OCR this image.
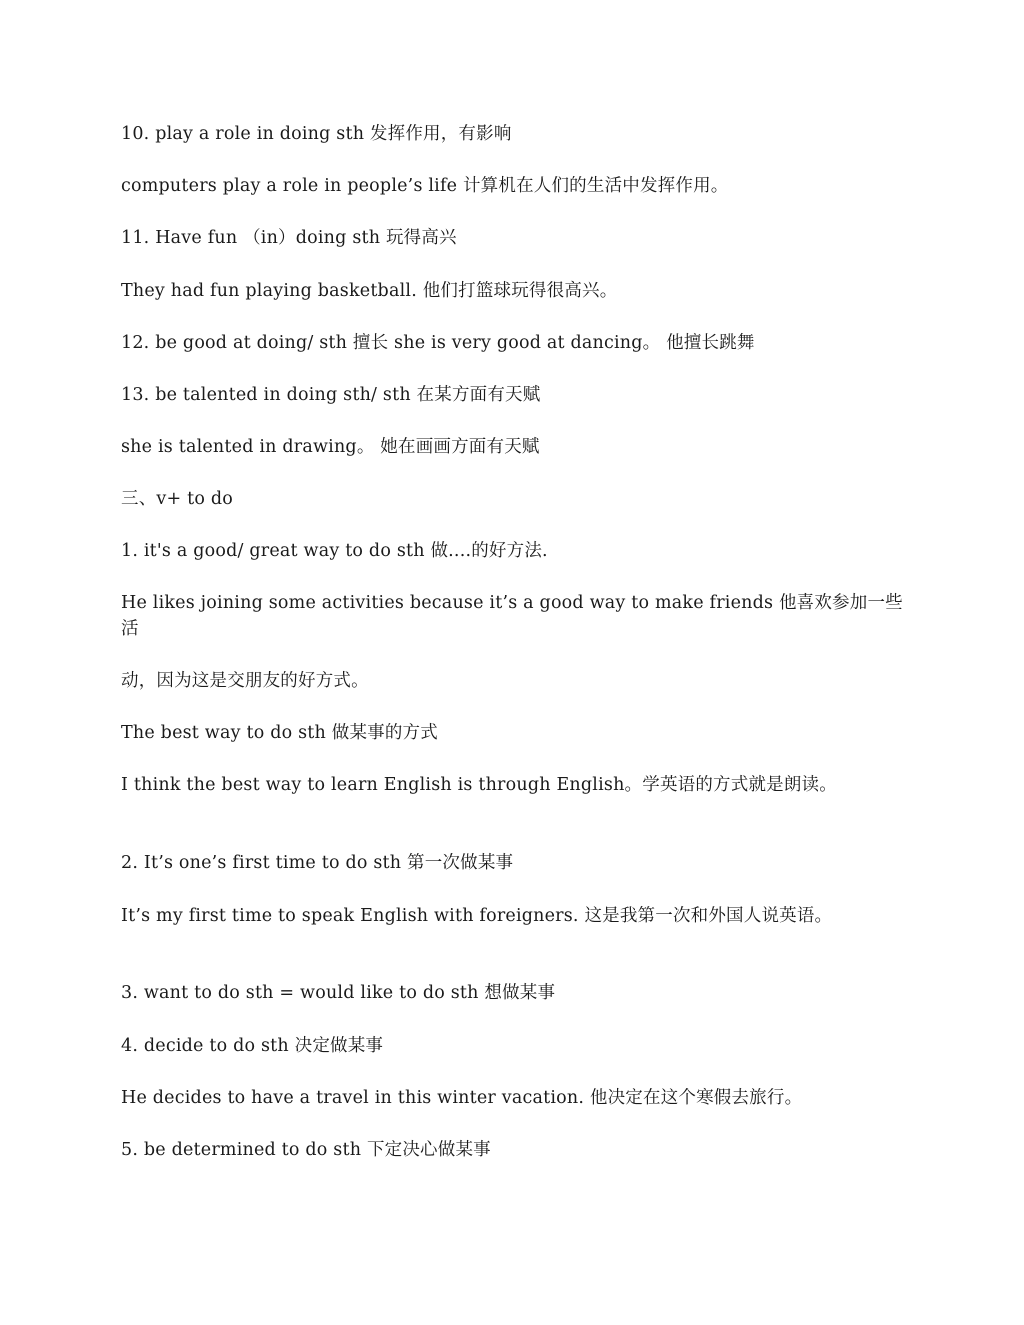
10. play a role in doing sth 发挥作用，有影响
computers play a role in people’s life 计算机在人们的生活中发挥作用。
11. Have fun （in）doing sth 玩得高兴
They had fun playing basketball. 他们打篮球玩得很高兴。
12. be good at doing/ sth 擅长 she is very good at dancing。 他擅长跳舞
13. be talented in doing sth/ sth 在某方面有天赋
she is talented in drawing。 她在画画方面有天赋
三、v+ to do
1. it's a good/ great way to do sth 做....的好方法.
He likes joining some activities because it’s a good way to make friends 他喜欢参加一些活
动，因为这是交朋友的好方式。
The best way to do sth 做某事的方式
I think the best way to learn English is through English。学英语的方式就是朗读。
2. It’s one’s first time to do sth 第一次做某事
It’s my first time to speak English with foreigners. 这是我第一次和外国人说英语。
3. want to do sth = would like to do sth 想做某事
4. decide to do sth 决定做某事
He decides to have a travel in this winter vacation. 他决定在这个寒假去旅行。
5. be determined to do sth 下定决心做某事
